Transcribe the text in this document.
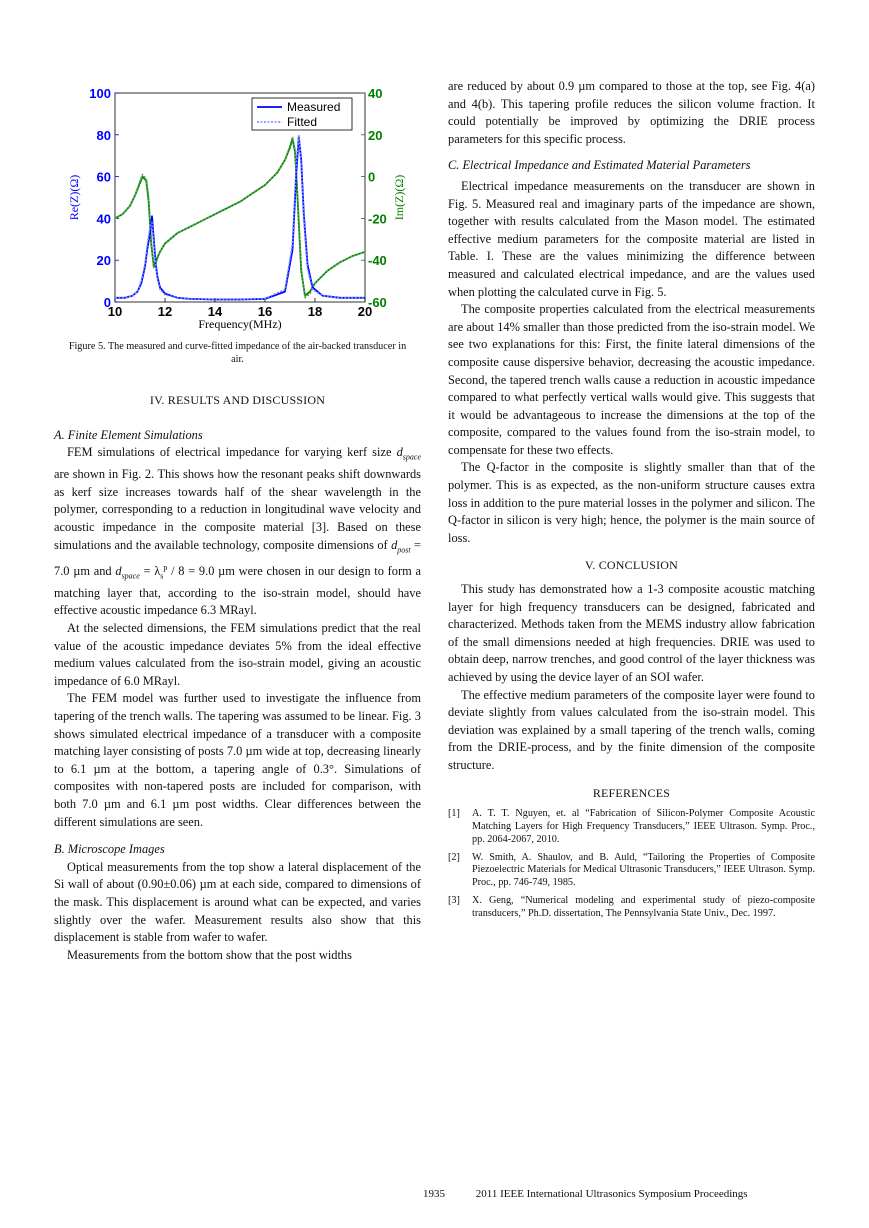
10	12	14	16	18	20
0
20
40
60
80
100
-60
-40
-20
0
20
40
Frequency(MHz)
Re(Z)(Ω)	Im(Z)(Ω)
Measured
Fitted
Figure 5. The measured and curve-fitted impedance of the air-backed transducer in air.
IV. RESULTS AND DISCUSSION
A. Finite Element Simulations

FEM simulations of electrical impedance for varying kerf size $d_{space}$ are shown in Fig. 2. This shows how the resonant peaks shift downwards as kerf size increases towards half of the shear wavelength in the polymer, corresponding to a reduction in longitudinal wave velocity and acoustic impedance in the composite material [3]. Based on these simulations and the available technology, composite dimensions of $d_{post} = 7.0$ µm and $d_{space} = \lambda_s^p / 8 = 9.0$ µm were chosen in our design to form a matching layer that, according to the iso-strain model, should have effective acoustic impedance 6.3 MRayl.

At the selected dimensions, the FEM simulations predict that the real value of the acoustic impedance deviates 5% from the ideal effective medium values calculated from the iso-strain model, giving an acoustic impedance of 6.0 MRayl.

The FEM model was further used to investigate the influence from tapering of the trench walls. The tapering was assumed to be linear. Fig. 3 shows simulated electrical impedance of a transducer with a composite matching layer consisting of posts 7.0 µm wide at top, decreasing linearly to 6.1 µm at the bottom, a tapering angle of 0.3°. Simulations of composites with non-tapered posts are included for comparison, with both 7.0 µm and 6.1 µm post widths. Clear differences between the different simulations are seen.

B. Microscope Images

Optical measurements from the top show a lateral displacement of the Si wall of about (0.90±0.06) µm at each side, compared to dimensions of the mask. This displacement is around what can be expected, and varies slightly over the wafer. Measurement results also show that this displacement is stable from wafer to wafer.

Measurements from the bottom show that the post widths

are reduced by about 0.9 µm compared to those at the top, see Fig. 4(a) and 4(b). This tapering profile reduces the silicon volume fraction. It could potentially be improved by optimizing the DRIE process parameters for this specific process.

C. Electrical Impedance and Estimated Material Parameters

Electrical impedance measurements on the transducer are shown in Fig. 5. Measured real and imaginary parts of the impedance are shown, together with results calculated from the Mason model. The estimated effective medium parameters for the composite material are listed in Table. I. These are the values minimizing the difference between measured and calculated electrical impedance, and are the values used when plotting the calculated curve in Fig. 5.

The composite properties calculated from the electrical measurements are about 14% smaller than those predicted from the iso-strain model. We see two explanations for this: First, the finite lateral dimensions of the composite cause dispersive behavior, decreasing the acoustic impedance. Second, the tapered trench walls cause a reduction in acoustic impedance compared to what perfectly vertical walls would give. This suggests that it would be advantageous to increase the dimensions at the top of the composite, compared to the values found from the iso-strain model, to compensate for these two effects.

The Q-factor in the composite is slightly smaller than that of the polymer. This is as expected, as the non-uniform structure causes extra loss in addition to the pure material losses in the polymer and silicon. The Q-factor in silicon is very high; hence, the polymer is the main source of loss.

V. CONCLUSION

This study has demonstrated how a 1-3 composite acoustic matching layer for high frequency transducers can be designed, fabricated and characterized. Methods taken from the MEMS industry allow fabrication of the small dimensions needed at high frequencies. DRIE was used to obtain deep, narrow trenches, and good control of the layer thickness was achieved by using the device layer of an SOI wafer.

The effective medium parameters of the composite layer were found to deviate slightly from values calculated from the iso-strain model. This deviation was explained by a small tapering of the trench walls, coming from the DRIE-process, and by the finite dimension of the composite structure.

REFERENCES
[1]	A. T. T. Nguyen, et. al “Fabrication of Silicon-Polymer Composite Acoustic Matching Layers for High Frequency Transducers,” IEEE Ultrason. Symp. Proc., pp. 2064-2067, 2010.
[2]	W. Smith, A. Shaulov, and B. Auld, “Tailoring the Properties of Composite Piezoelectric Materials for Medical Ultrasonic Transducers,” IEEE Ultrason. Symp. Proc., pp. 746-749, 1985.
[3]	X. Geng, “Numerical modeling and experimental study of piezo-composite transducers,” Ph.D. dissertation, The Pennsylvania State Univ., Dec. 1997.
1935	2011 IEEE International Ultrasonics Symposium Proceedings
